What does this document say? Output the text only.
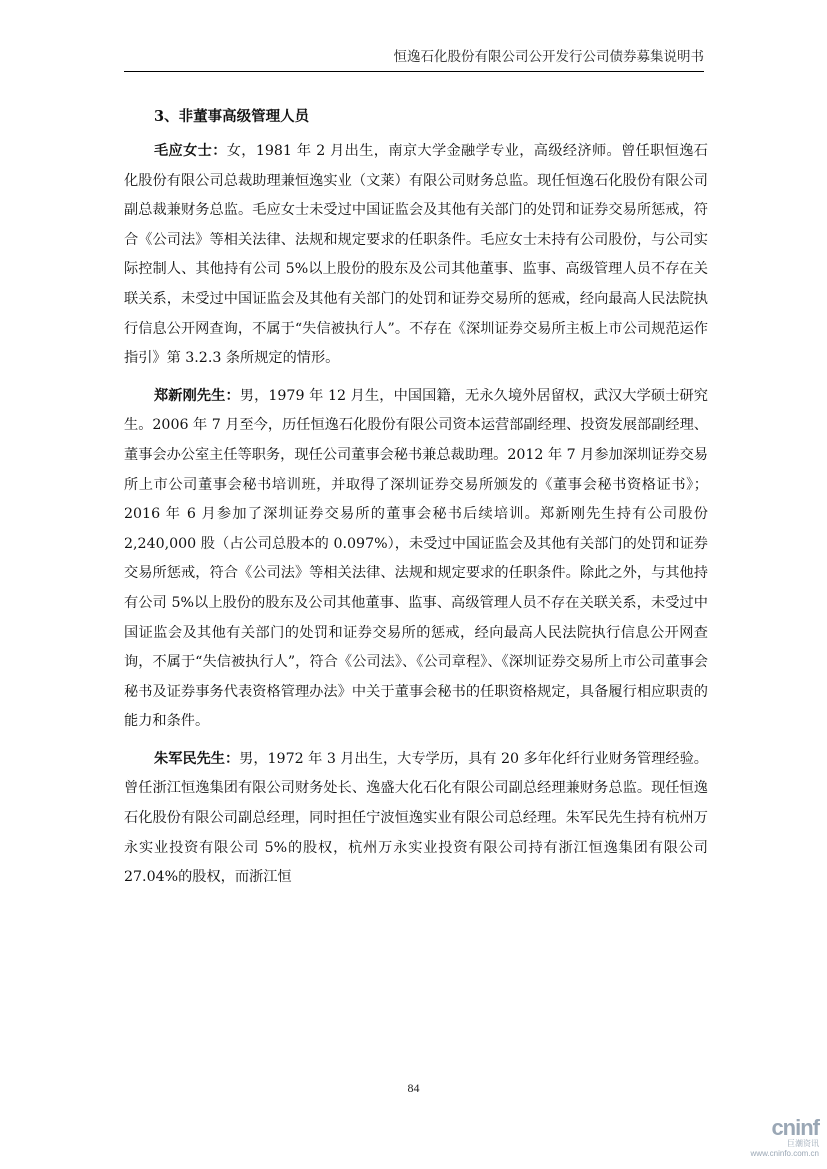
恒逸石化股份有限公司公开发行公司债券募集说明书
3、非董事高级管理人员

毛应女士：女，1981 年 2 月出生，南京大学金融学专业，高级经济师。曾任职恒逸石化股份有限公司总裁助理兼恒逸实业（文莱）有限公司财务总监。现任恒逸石化股份有限公司副总裁兼财务总监。毛应女士未受过中国证监会及其他有关部门的处罚和证券交易所惩戒，符合《公司法》等相关法律、法规和规定要求的任职条件。毛应女士未持有公司股份，与公司实际控制人、其他持有公司 5%以上股份的股东及公司其他董事、监事、高级管理人员不存在关联关系，未受过中国证监会及其他有关部门的处罚和证券交易所的惩戒，经向最高人民法院执行信息公开网查询，不属于“失信被执行人”。不存在《深圳证券交易所主板上市公司规范运作指引》第 3.2.3 条所规定的情形。

郑新刚先生：男，1979 年 12 月生，中国国籍，无永久境外居留权，武汉大学硕士研究生。2006 年 7 月至今，历任恒逸石化股份有限公司资本运营部副经理、投资发展部副经理、董事会办公室主任等职务，现任公司董事会秘书兼总裁助理。2012 年 7 月参加深圳证券交易所上市公司董事会秘书培训班，并取得了深圳证券交易所颁发的《董事会秘书资格证书》；2016 年 6 月参加了深圳证券交易所的董事会秘书后续培训。郑新刚先生持有公司股份 2,240,000 股（占公司总股本的 0.097%），未受过中国证监会及其他有关部门的处罚和证券交易所惩戒，符合《公司法》等相关法律、法规和规定要求的任职条件。除此之外，与其他持有公司 5%以上股份的股东及公司其他董事、监事、高级管理人员不存在关联关系，未受过中国证监会及其他有关部门的处罚和证券交易所的惩戒，经向最高人民法院执行信息公开网查询，不属于“失信被执行人”，符合《公司法》、《公司章程》、《深圳证券交易所上市公司董事会秘书及证券事务代表资格管理办法》中关于董事会秘书的任职资格规定，具备履行相应职责的能力和条件。

朱军民先生：男，1972 年 3 月出生，大专学历，具有 20 多年化纤行业财务管理经验。曾任浙江恒逸集团有限公司财务处长、逸盛大化石化有限公司副总经理兼财务总监。现任恒逸石化股份有限公司副总经理，同时担任宁波恒逸实业有限公司总经理。朱军民先生持有杭州万永实业投资有限公司 5%的股权，杭州万永实业投资有限公司持有浙江恒逸集团有限公司 27.04%的股权，而浙江恒

84
cninf
巨潮资讯
www.cninfo.com.cn
